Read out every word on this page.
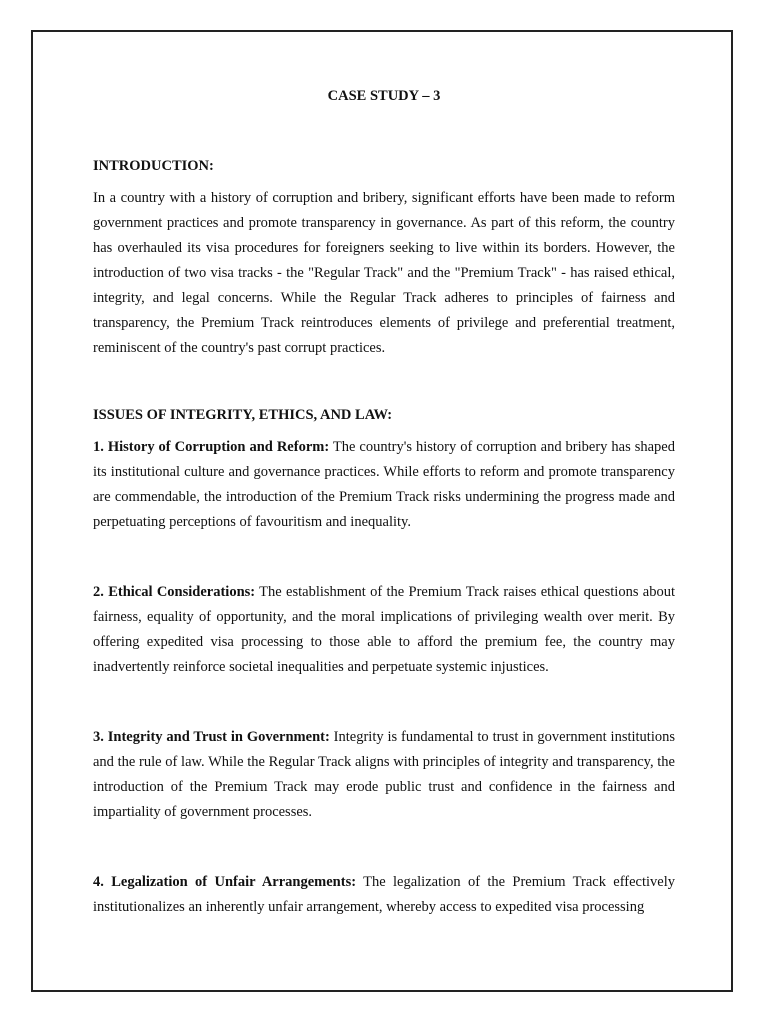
CASE STUDY – 3

INTRODUCTION:

In a country with a history of corruption and bribery, significant efforts have been made to reform government practices and promote transparency in governance. As part of this reform, the country has overhauled its visa procedures for foreigners seeking to live within its borders. However, the introduction of two visa tracks - the "Regular Track" and the "Premium Track" - has raised ethical, integrity, and legal concerns. While the Regular Track adheres to principles of fairness and transparency, the Premium Track reintroduces elements of privilege and preferential treatment, reminiscent of the country's past corrupt practices.

ISSUES OF INTEGRITY, ETHICS, AND LAW:

1. History of Corruption and Reform: The country's history of corruption and bribery has shaped its institutional culture and governance practices. While efforts to reform and promote transparency are commendable, the introduction of the Premium Track risks undermining the progress made and perpetuating perceptions of favouritism and inequality.

2. Ethical Considerations: The establishment of the Premium Track raises ethical questions about fairness, equality of opportunity, and the moral implications of privileging wealth over merit. By offering expedited visa processing to those able to afford the premium fee, the country may inadvertently reinforce societal inequalities and perpetuate systemic injustices.

3. Integrity and Trust in Government: Integrity is fundamental to trust in government institutions and the rule of law. While the Regular Track aligns with principles of integrity and transparency, the introduction of the Premium Track may erode public trust and confidence in the fairness and impartiality of government processes.

4. Legalization of Unfair Arrangements: The legalization of the Premium Track effectively institutionalizes an inherently unfair arrangement, whereby access to expedited visa processing
